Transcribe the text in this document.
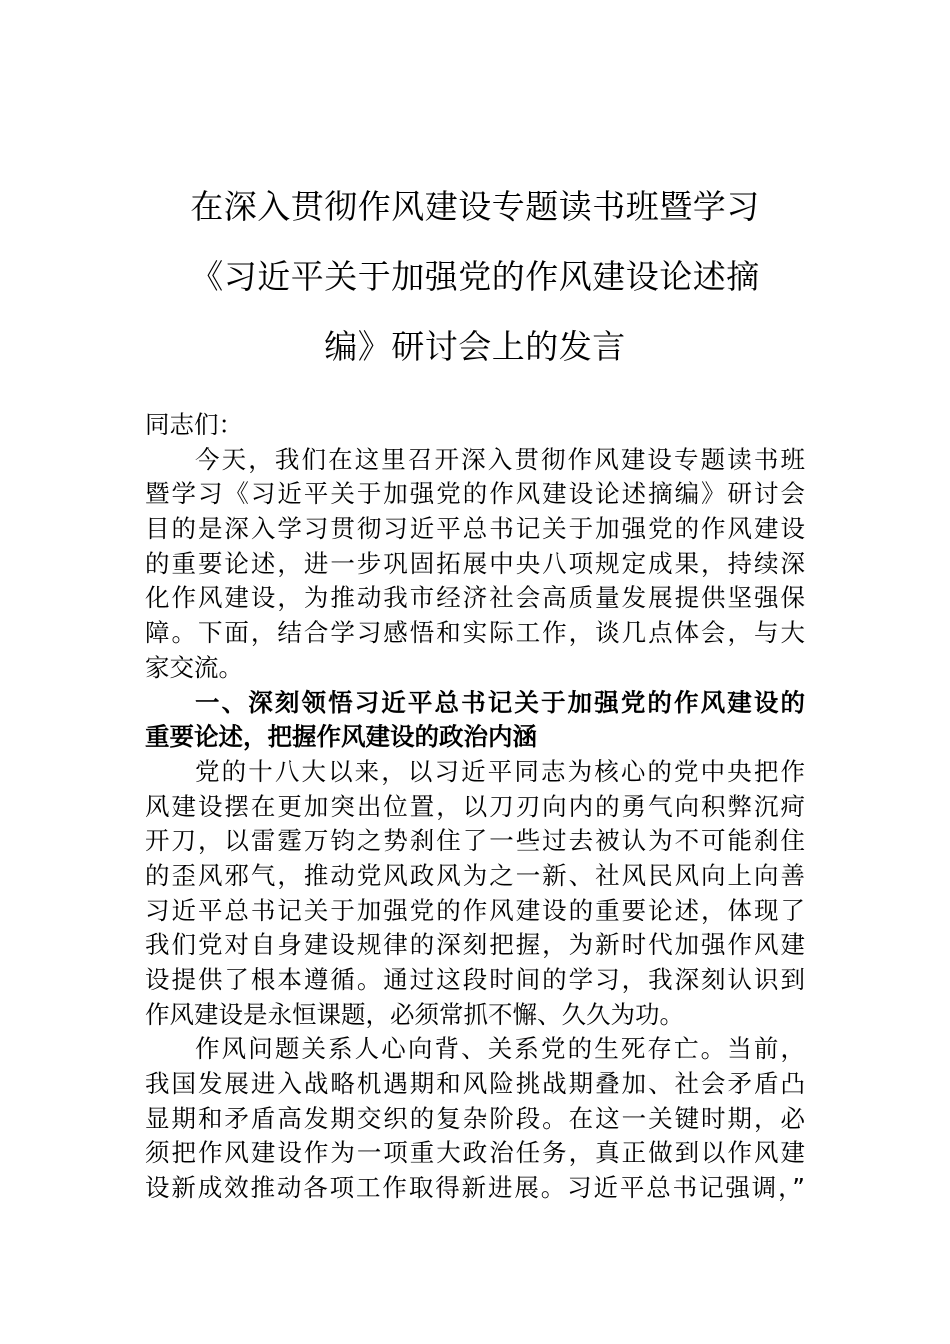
在深入贯彻作风建设专题读书班暨学习
《习近平关于加强党的作风建设论述摘
编》研讨会上的发言
同志们：
今天，我们在这里召开深入贯彻作风建设专题读书班
暨学习《习近平关于加强党的作风建设论述摘编》研讨会
目的是深入学习贯彻习近平总书记关于加强党的作风建设
的重要论述，进一步巩固拓展中央八项规定成果，持续深
化作风建设，为推动我市经济社会高质量发展提供坚强保
障。下面，结合学习感悟和实际工作，谈几点体会，与大
家交流。
一、深刻领悟习近平总书记关于加强党的作风建设的
重要论述，把握作风建设的政治内涵
党的十八大以来，以习近平同志为核心的党中央把作
风建设摆在更加突出位置，以刀刃向内的勇气向积弊沉疴
开刀，以雷霆万钧之势刹住了一些过去被认为不可能刹住
的歪风邪气，推动党风政风为之一新、社风民风向上向善
习近平总书记关于加强党的作风建设的重要论述，体现了
我们党对自身建设规律的深刻把握，为新时代加强作风建
设提供了根本遵循。通过这段时间的学习，我深刻认识到
作风建设是永恒课题，必须常抓不懈、久久为功。
作风问题关系人心向背、关系党的生死存亡。当前，
我国发展进入战略机遇期和风险挑战期叠加、社会矛盾凸
显期和矛盾高发期交织的复杂阶段。在这一关键时期，必
须把作风建设作为一项重大政治任务，真正做到以作风建
设新成效推动各项工作取得新进展。习近平总书记强调，”
